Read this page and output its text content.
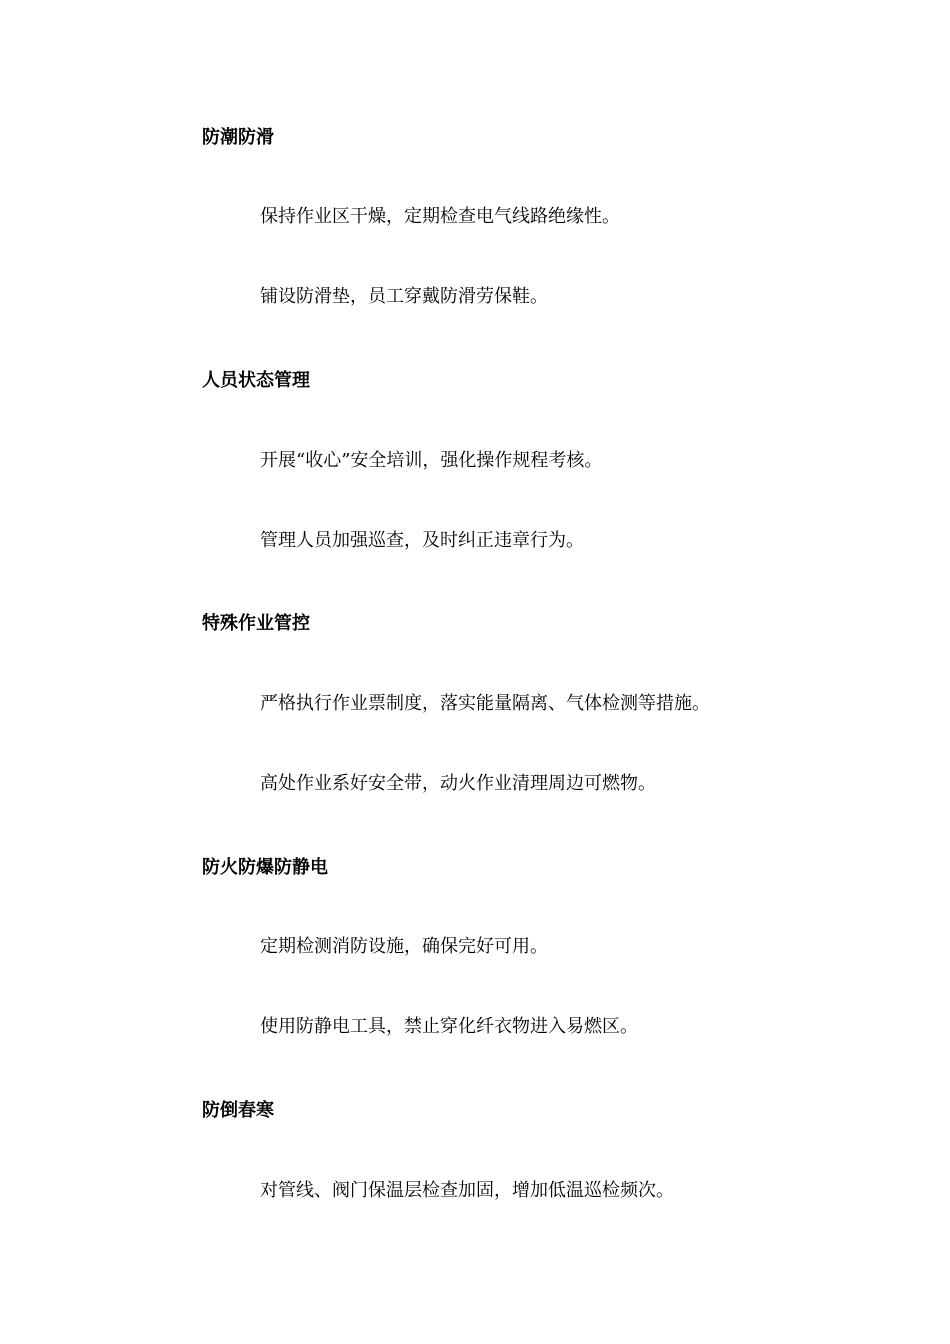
防潮防滑
保持作业区干燥，定期检查电气线路绝缘性。
铺设防滑垫，员工穿戴防滑劳保鞋。
人员状态管理
开展“收心”安全培训，强化操作规程考核。
管理人员加强巡查，及时纠正违章行为。
特殊作业管控
严格执行作业票制度，落实能量隔离、气体检测等措施。
高处作业系好安全带，动火作业清理周边可燃物。
防火防爆防静电
定期检测消防设施，确保完好可用。
使用防静电工具，禁止穿化纤衣物进入易燃区。
防倒春寒
对管线、阀门保温层检查加固，增加低温巡检频次。
